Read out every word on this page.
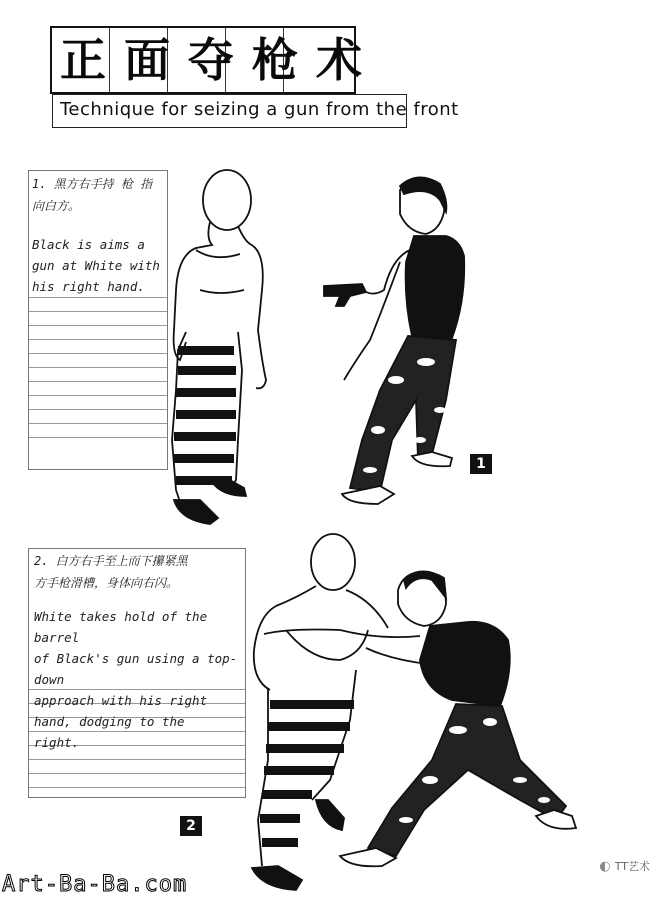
正面夺枪术
Technique for seizing a gun from the front
1. 黑方右手持 枪 指向白方。
Black is aims a
gun at White with
his right hand.
2. 白方右手至上而下攥紧黑
方手枪滑槽，身体向右闪。
White takes hold of the barrel
of Black's gun using a top-down
approach with his right
hand, dodging to the
right.
1
2
Art-Ba-Ba.com
◐ TT艺术
